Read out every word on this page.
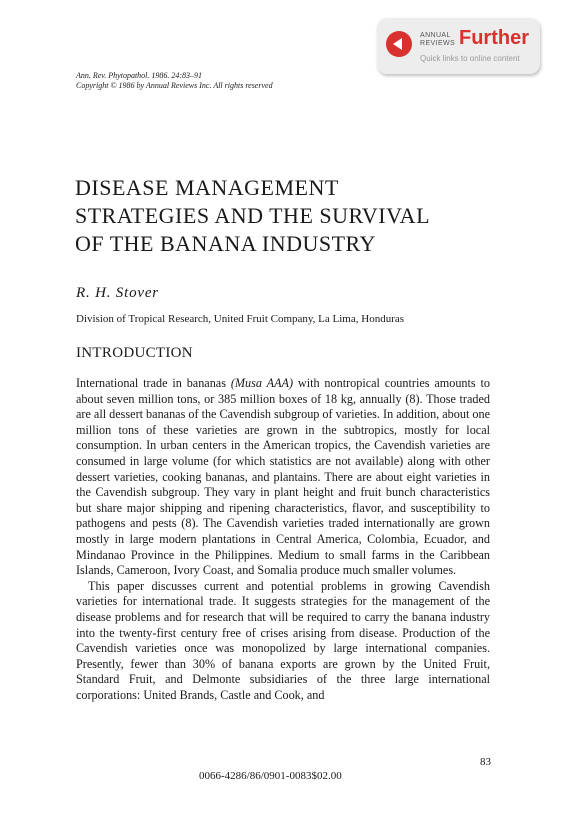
ANNUAL
REVIEWS Further
Quick links to online content
Ann. Rev. Phytopathol. 1986. 24:83–91
Copyright © 1986 by Annual Reviews Inc. All rights reserved
DISEASE MANAGEMENT
STRATEGIES AND THE SURVIVAL
OF THE BANANA INDUSTRY
R. H. Stover
Division of Tropical Research, United Fruit Company, La Lima, Honduras
INTRODUCTION

International trade in bananas (Musa AAA) with nontropical countries amounts to about seven million tons, or 385 million boxes of 18 kg, annually (8). Those traded are all dessert bananas of the Cavendish subgroup of varieties. In addition, about one million tons of these varieties are grown in the subtropics, mostly for local consumption. In urban centers in the American tropics, the Cavendish varieties are consumed in large volume (for which statistics are not available) along with other dessert varieties, cooking bananas, and plantains. There are about eight varieties in the Cavendish subgroup. They vary in plant height and fruit bunch characteristics but share major shipping and ripening characteristics, flavor, and susceptibility to pathogens and pests (8). The Cavendish varieties traded internationally are grown mostly in large modern plantations in Central America, Colombia, Ecuador, and Mindanao Province in the Philippines. Medium to small farms in the Caribbean Islands, Cameroon, Ivory Coast, and Somalia produce much smaller volumes.

This paper discusses current and potential problems in growing Cavendish varieties for international trade. It suggests strategies for the management of the disease problems and for research that will be required to carry the banana industry into the twenty-first century free of crises arising from disease. Production of the Cavendish varieties once was monopolized by large international companies. Presently, fewer than 30% of banana exports are grown by the United Fruit, Standard Fruit, and Delmonte subsidiaries of the three large international corporations: United Brands, Castle and Cook, and

83
0066-4286/86/0901-0083$02.00
